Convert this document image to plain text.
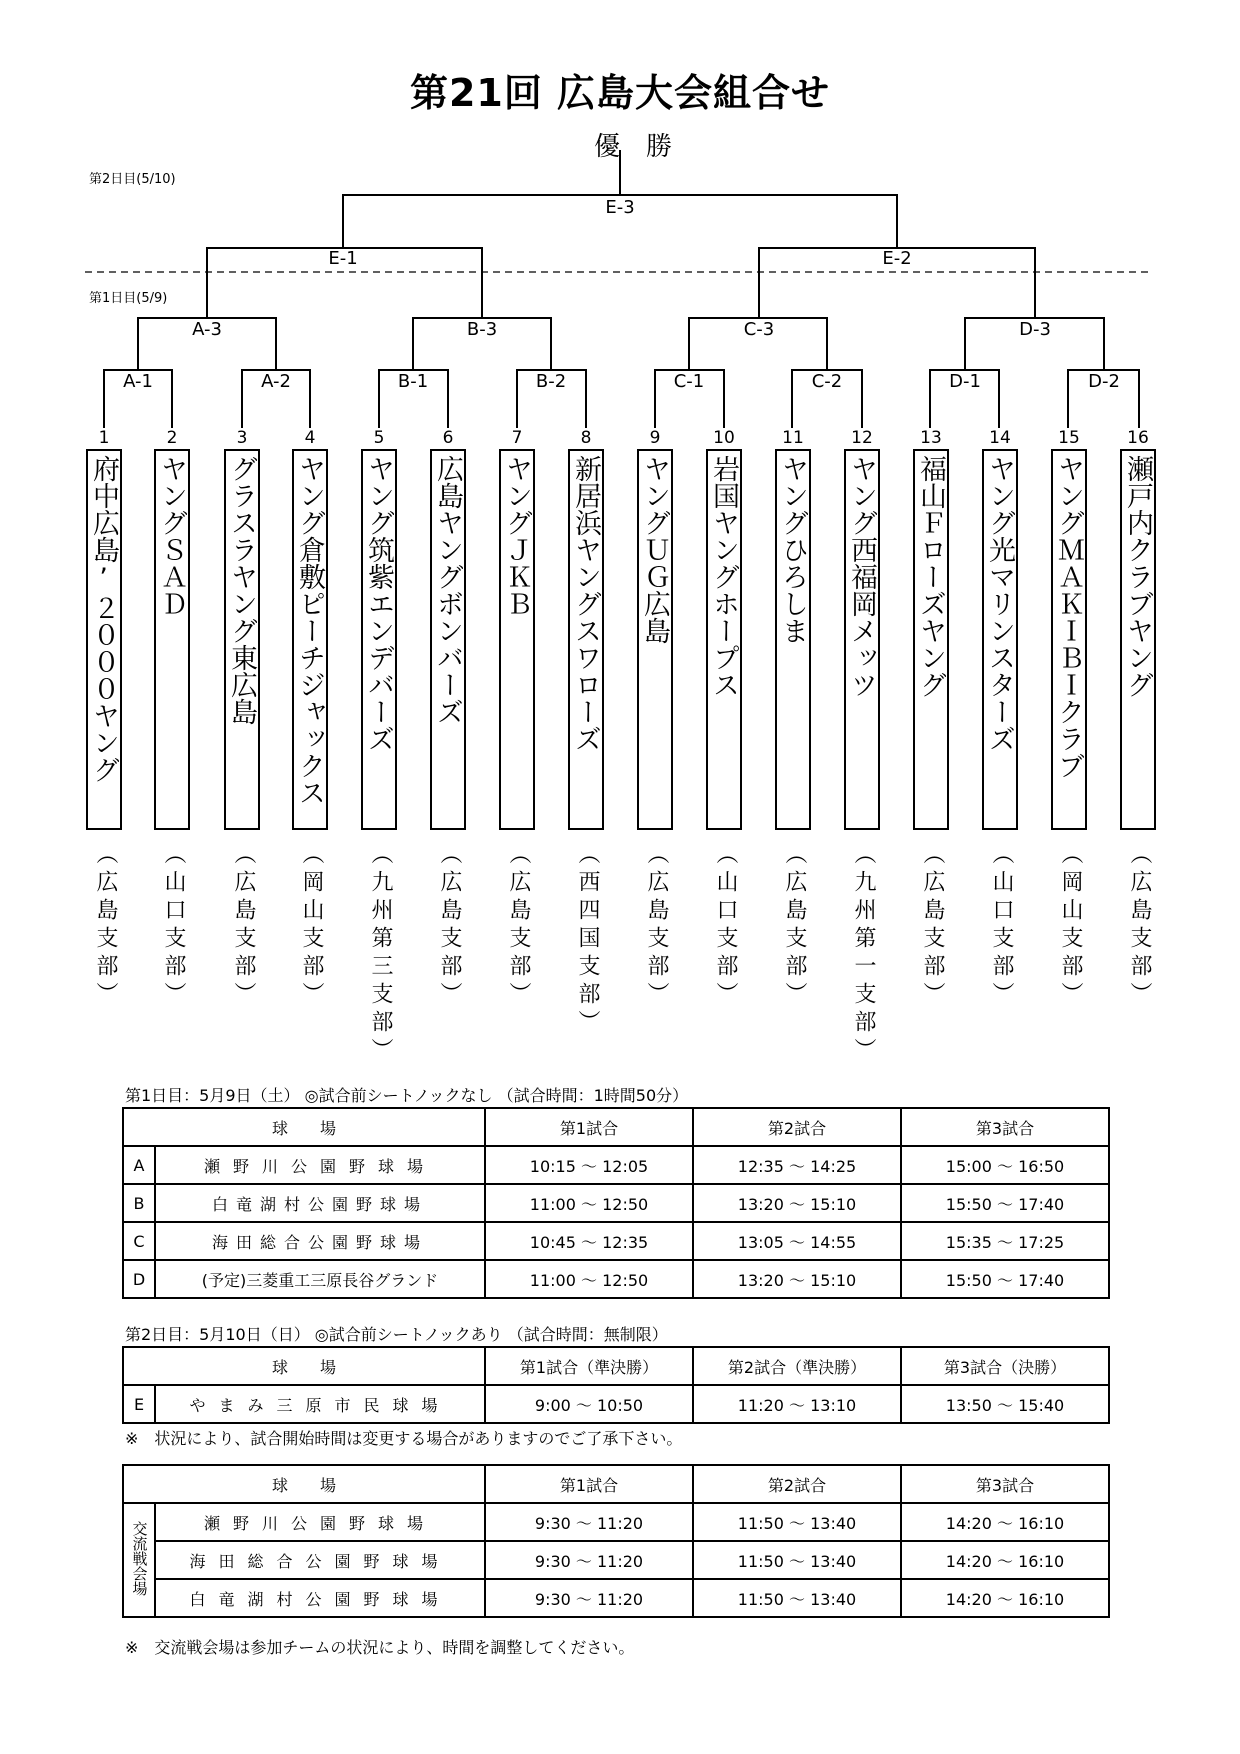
第21回 広島大会組合せ
優勝
第2日目(5/10)
第1日目(5/9)
E-3
E-1	E-2
A-3	B-3	C-3	D-3
A-1	A-2	B-1	B-2	C-1	C-2	D-1	D-2
1
府中広島’２０００ヤング
（広島支部）
2
ヤングＳＡＤ
（山口支部）
3
グラスラヤング東広島
（広島支部）
4
ヤング倉敷ピーチジャックス
（岡山支部）
5
ヤング筑紫エンデバーズ
（九州第三支部）
6
広島ヤングボンバーズ
（広島支部）
7
ヤングＪＫＢ
（広島支部）
8
新居浜ヤングスワローズ
（西四国支部）
9
ヤングＵＧ広島
（広島支部）
10
岩国ヤングホープス
（山口支部）
11
ヤングひろしま
（広島支部）
12
ヤング西福岡メッツ
（九州第一支部）
13
福山Ｆローズヤング
（広島支部）
14
ヤング光マリンスターズ
（山口支部）
15
ヤングＭＡＫＩＢＩクラブ
（岡山支部）
16
瀬戸内クラブヤング
（広島支部）
第1日目：5月9日（土） ◎試合前シートノックなし （試合時間：1時間50分）
球　　場		第1試合	第2試合	第3試合
A	瀬野川公園野球場	10:15 ～ 12:05	12:35 ～ 14:25	15:00 ～ 16:50
B	白竜湖村公園野球場	11:00 ～ 12:50	13:20 ～ 15:10	15:50 ～ 17:40
C	海田総合公園野球場	10:45 ～ 12:35	13:05 ～ 14:55	15:35 ～ 17:25
D	(予定)三菱重工三原長谷グランド	11:00 ～ 12:50	13:20 ～ 15:10	15:50 ～ 17:40
第2日目：5月10日（日） ◎試合前シートノックあり （試合時間：無制限）
球　　場		第1試合（準決勝）	第2試合（準決勝）	第3試合（決勝）
E	やまみ三原市民球場	9:00 ～ 10:50	11:20 ～ 13:10	13:50 ～ 15:40
※　状況により、試合開始時間は変更する場合がありますのでご了承下さい。
球　　場		第1試合	第2試合	第3試合
交流戦会場	瀬野川公園野球場	9:30 ～ 11:20	11:50 ～ 13:40	14:20 ～ 16:10
	海田総合公園野球場	9:30 ～ 11:20	11:50 ～ 13:40	14:20 ～ 16:10
	白竜湖村公園野球場	9:30 ～ 11:20	11:50 ～ 13:40	14:20 ～ 16:10
※　交流戦会場は参加チームの状況により、時間を調整してください。
